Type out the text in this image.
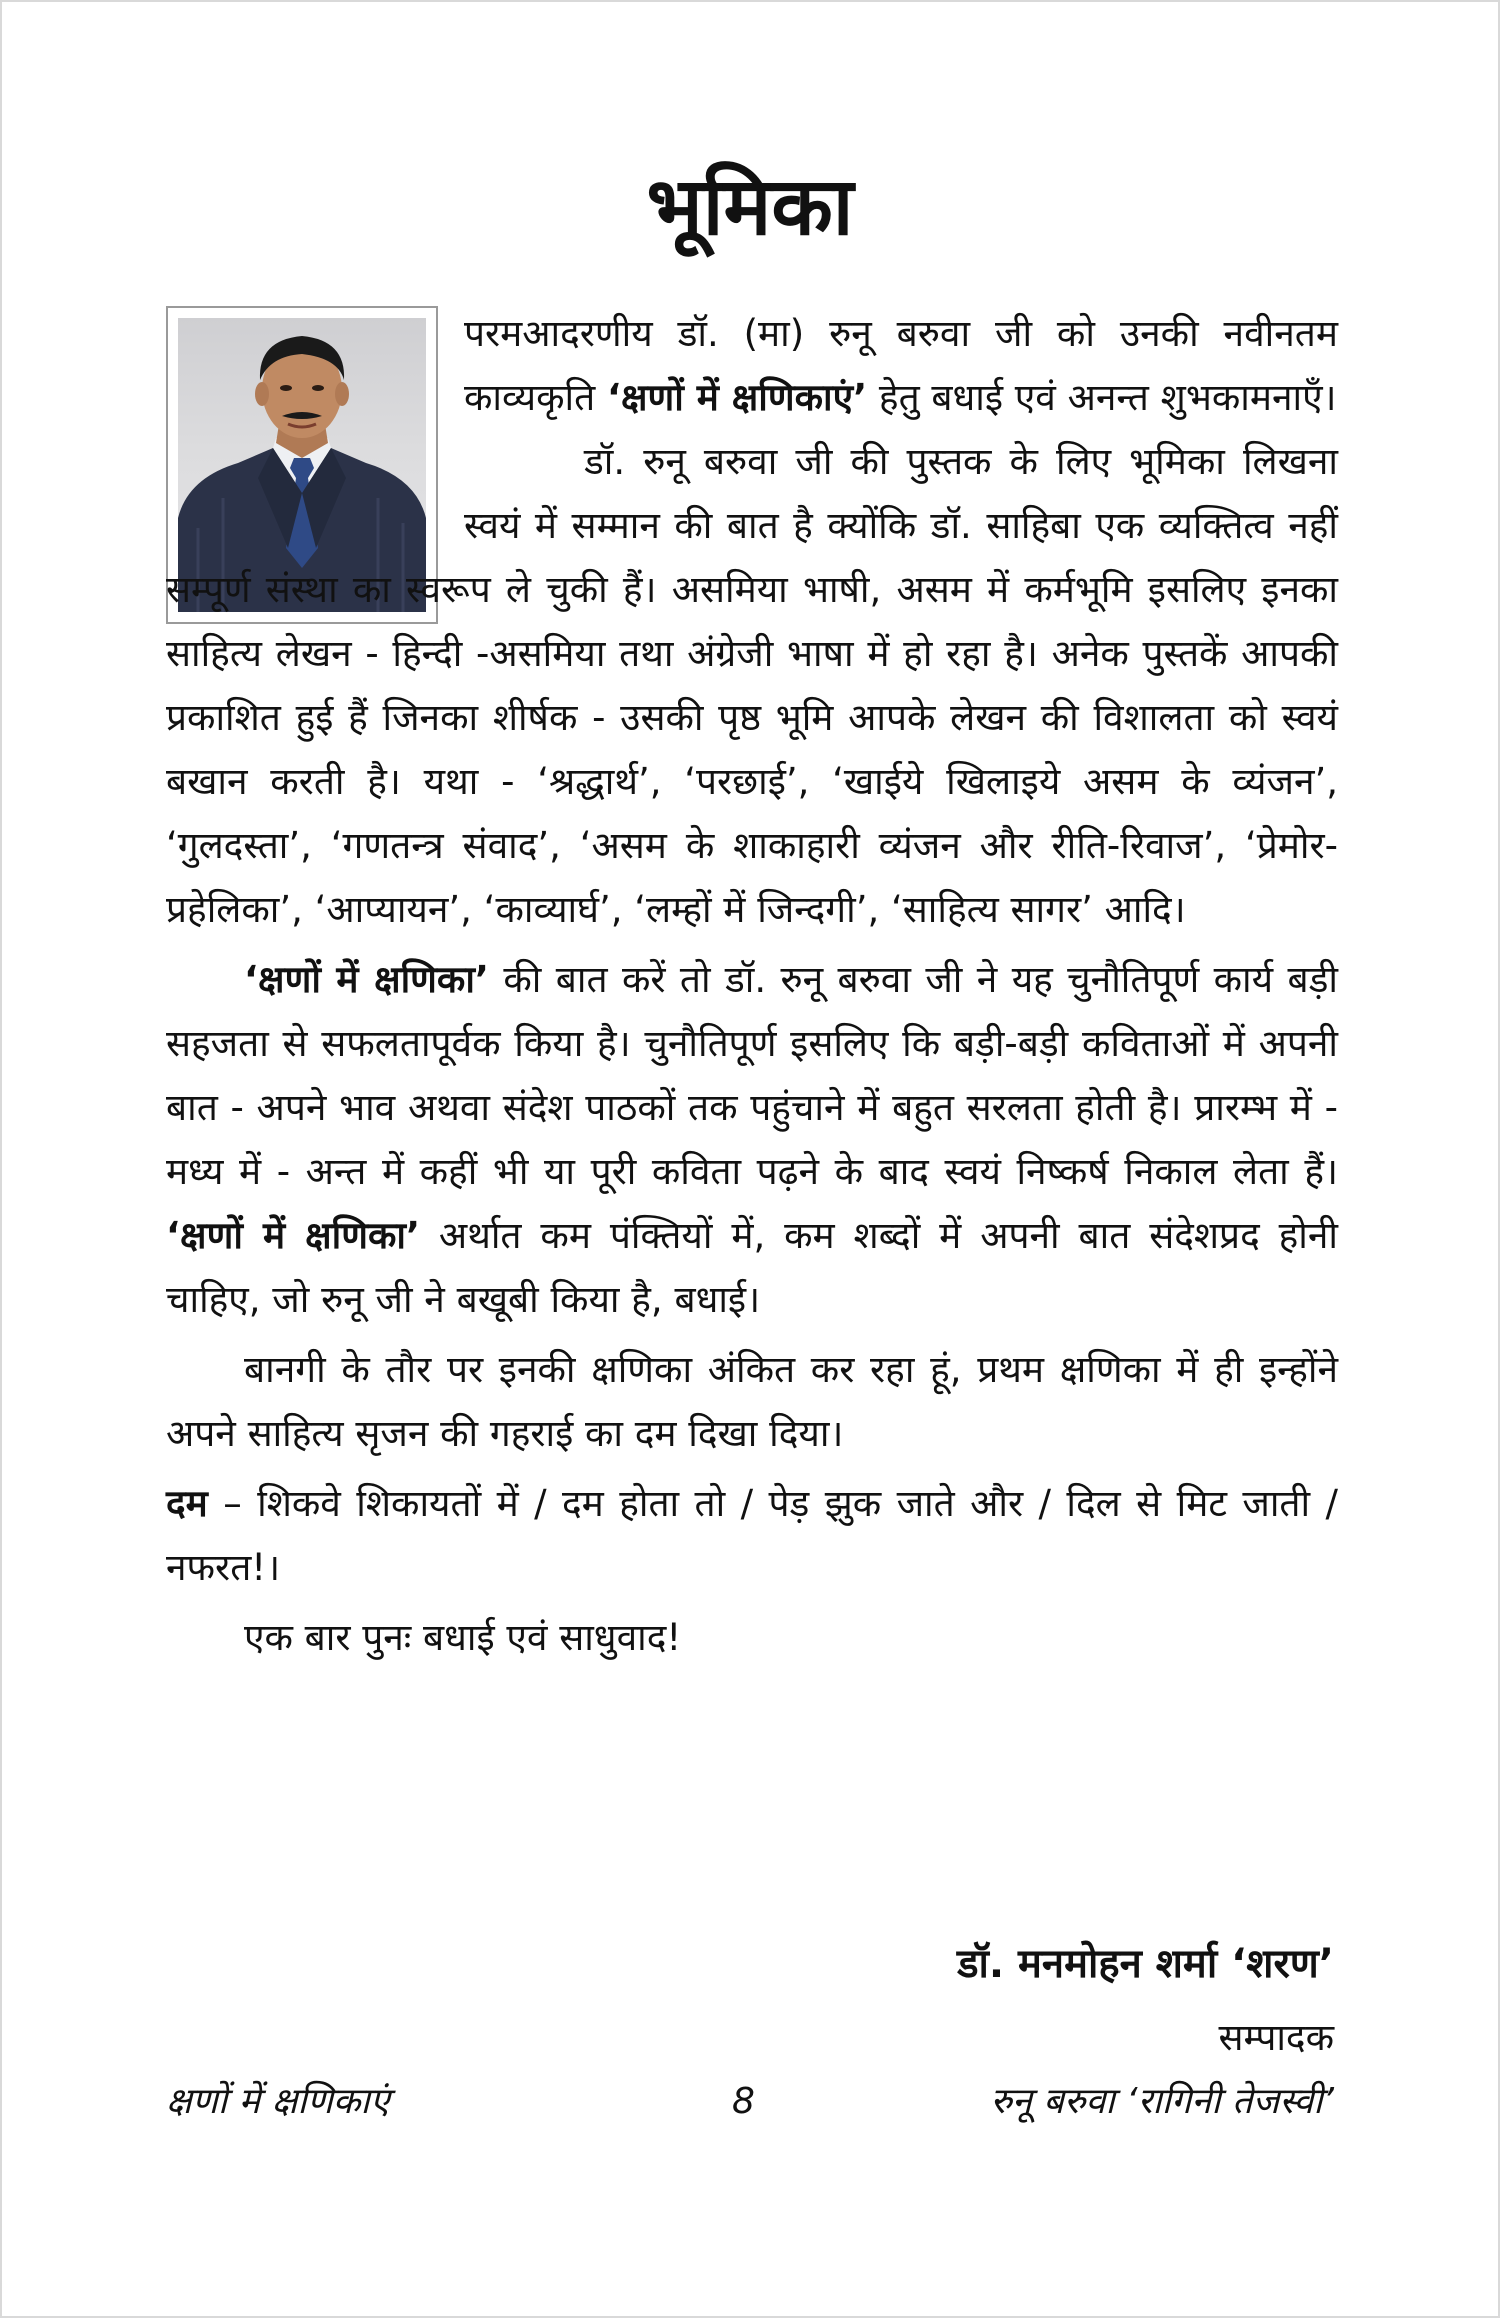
भूमिका

परमआदरणीय डॉ. (मा) रुनू बरुवा जी को उनकी नवीनतम काव्यकृति ‘क्षणों में क्षणिकाएं’ हेतु बधाई एवं अनन्त शुभकामनाएँ।

डॉ. रुनू बरुवा जी की पुस्तक के लिए भूमिका लिखना स्वयं में सम्मान की बात है क्योंकि डॉ. साहिबा एक व्यक्तित्व नहीं सम्पूर्ण संस्था का स्वरूप ले चुकी हैं। असमिया भाषी, असम में कर्मभूमि इसलिए इनका साहित्य लेखन - हिन्दी -असमिया तथा अंग्रेजी भाषा में हो रहा है। अनेक पुस्तकें आपकी प्रकाशित हुई हैं जिनका शीर्षक - उसकी पृष्ठ भूमि आपके लेखन की विशालता को स्वयं बखान करती है। यथा - ‘श्रद्धार्थ’, ‘परछाई’, ‘खाईये खिलाइये असम के व्यंजन’, ‘गुलदस्ता’, ‘गणतन्त्र संवाद’, ‘असम के शाकाहारी व्यंजन और रीति-रिवाज’, ‘प्रेमोर-प्रहेलिका’, ‘आप्यायन’, ‘काव्यार्घ’, ‘लम्हों में जिन्दगी’, ‘साहित्य सागर’ आदि।

‘क्षणों में क्षणिका’ की बात करें तो डॉ. रुनू बरुवा जी ने यह चुनौतिपूर्ण कार्य बड़ी सहजता से सफलतापूर्वक किया है। चुनौतिपूर्ण इसलिए कि बड़ी-बड़ी कविताओं में अपनी बात - अपने भाव अथवा संदेश पाठकों तक पहुंचाने में बहुत सरलता होती है। प्रारम्भ में - मध्य में - अन्त में कहीं भी या पूरी कविता पढ़ने के बाद स्वयं निष्कर्ष निकाल लेता हैं। ‘क्षणों में क्षणिका’ अर्थात कम पंक्तियों में, कम शब्दों में अपनी बात संदेशप्रद होनी चाहिए, जो रुनू जी ने बखूबी किया है, बधाई।

बानगी के तौर पर इनकी क्षणिका अंकित कर रहा हूं, प्रथम क्षणिका में ही इन्होंने अपने साहित्य सृजन की गहराई का दम दिखा दिया।

दम – शिकवे शिकायतों में / दम होता तो / पेड़ झुक जाते और / दिल से मिट जाती / नफरत!।

एक बार पुनः बधाई एवं साधुवाद!

डॉ. मनमोहन शर्मा ‘शरण’

सम्पादक

क्षणों में क्षणिकाएं	8	रुनू बरुवा ‘रागिनी तेजस्वी’
